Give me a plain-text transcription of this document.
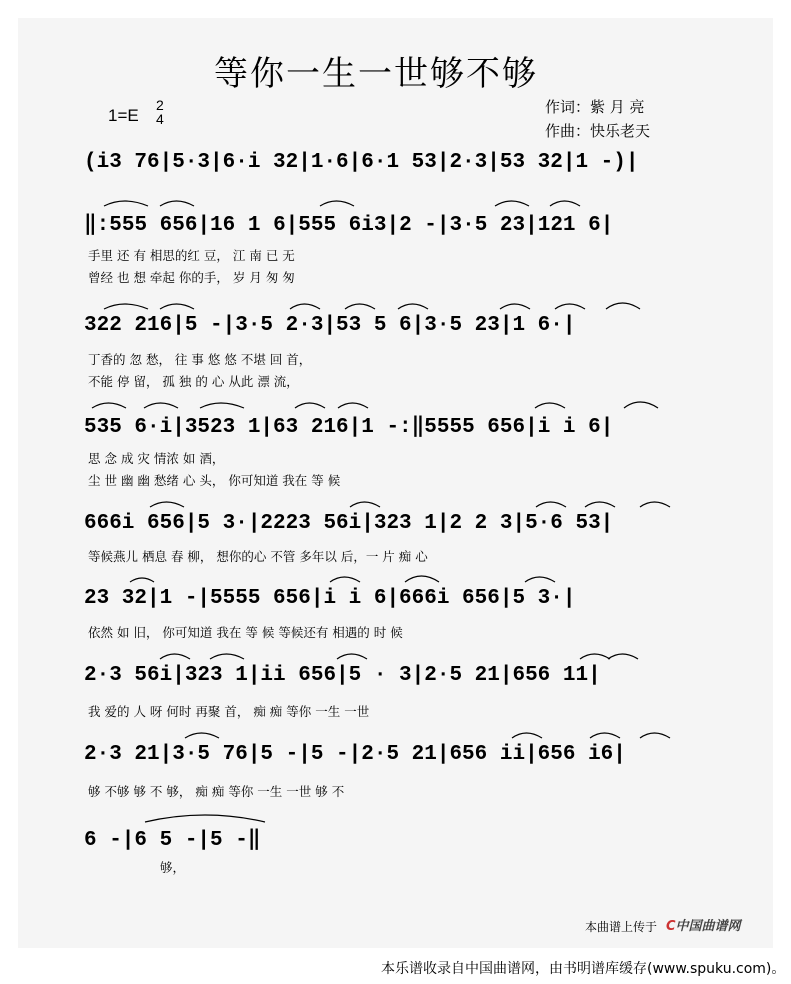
等你一生一世够不够
1=E
2
4
作词：紫 月 亮
作曲：快乐老天
(i3 76|5·3|6·i 32|1·6|6·1 53|2·3|53 32|1 -)|
‖:555 656|16 1 6|555 6i3|2 -|3·5 23|121 6|
手里 还 有 相思的红 豆， 江 南 已 无
曾经 也 想 牵起 你的手， 岁 月 匆 匆
322 216|5 -|3·5 2·3|53 5 6|3·5 23|1 6·|
丁香的 忽 愁， 往 事 悠 悠 不堪 回 首，
不能 停 留， 孤 独 的 心 从此 漂 流，
535 6·i|3523 1|63 216|1 -:‖5555 656|i i 6|
思 念 成 灾 情浓 如 酒，
尘 世 幽 幽 愁绪 心 头， 你可知道 我在 等 候
666i 656|5 3·|2223 56i|323 1|2 2 3|5·6 53|
等候燕儿 栖息 春 柳， 想你的心 不管 多年以 后，一 片 痴 心
23 32|1 -|5555 656|i i 6|666i 656|5 3·|
依然 如 旧， 你可知道 我在 等 候 等候还有 相遇的 时 候
2·3 56i|323 1|ii 656|5 · 3|2·5 21|656 11|
我 爱的 人 呀 何时 再聚 首， 痴 痴 等你 一生 一世
2·3 21|3·5 76|5 -|5 -|2·5 21|656 ii|656 i6|
够 不够 够 不 够， 痴 痴 等你 一生 一世 够 不
6 -|6 5 -|5 -‖
够，
本曲谱上传于 C中国曲谱网
本乐谱收录自中国曲谱网，由书明谱库缓存(www.spuku.com)。
